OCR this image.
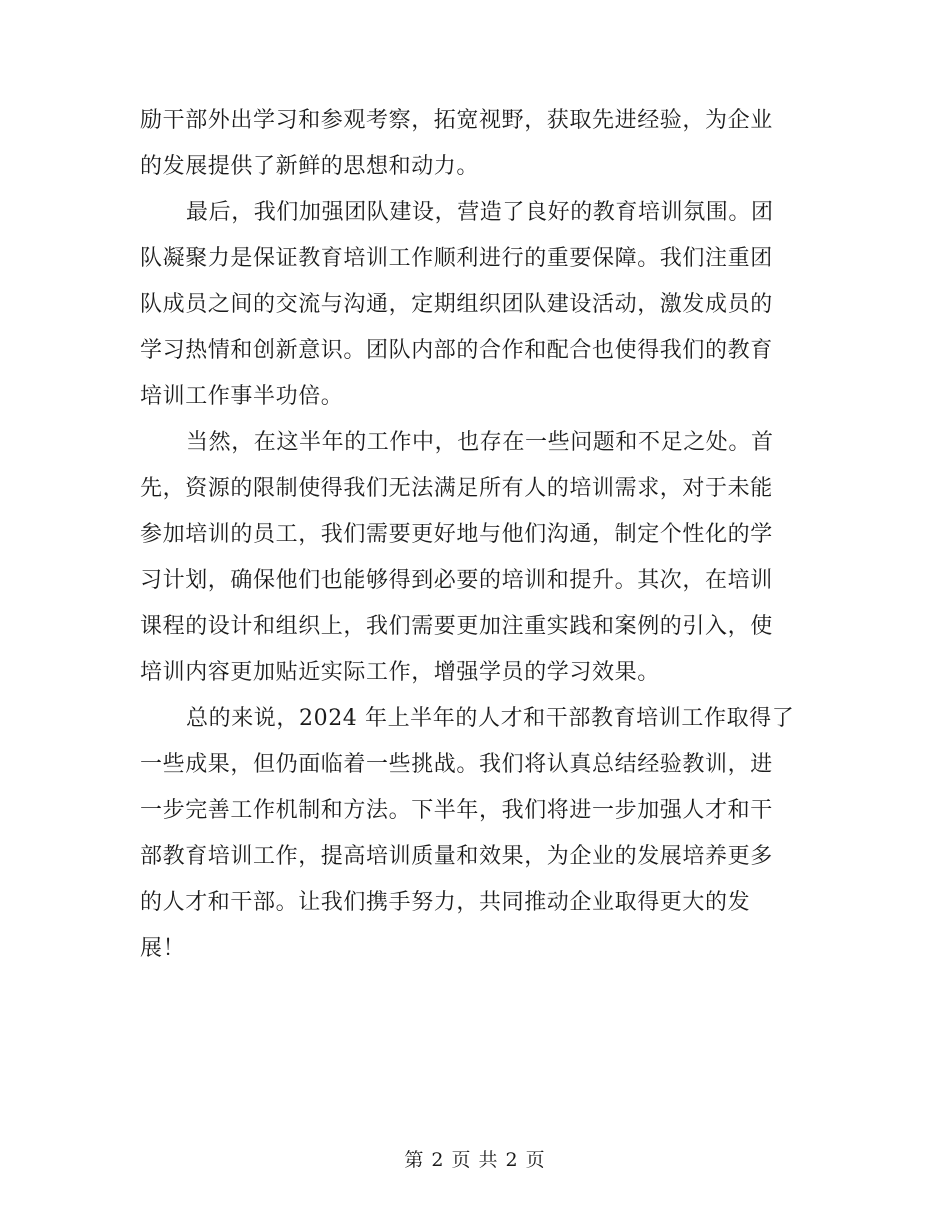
励干部外出学习和参观考察，拓宽视野，获取先进经验，为企业
的发展提供了新鲜的思想和动力。
最后，我们加强团队建设，营造了良好的教育培训氛围。团
队凝聚力是保证教育培训工作顺利进行的重要保障。我们注重团
队成员之间的交流与沟通，定期组织团队建设活动，激发成员的
学习热情和创新意识。团队内部的合作和配合也使得我们的教育
培训工作事半功倍。
当然，在这半年的工作中，也存在一些问题和不足之处。首
先，资源的限制使得我们无法满足所有人的培训需求，对于未能
参加培训的员工，我们需要更好地与他们沟通，制定个性化的学
习计划，确保他们也能够得到必要的培训和提升。其次，在培训
课程的设计和组织上，我们需要更加注重实践和案例的引入，使
培训内容更加贴近实际工作，增强学员的学习效果。
总的来说，2024 年上半年的人才和干部教育培训工作取得了
一些成果，但仍面临着一些挑战。我们将认真总结经验教训，进
一步完善工作机制和方法。下半年，我们将进一步加强人才和干
部教育培训工作，提高培训质量和效果，为企业的发展培养更多
的人才和干部。让我们携手努力，共同推动企业取得更大的发
展！
第 2 页 共 2 页
